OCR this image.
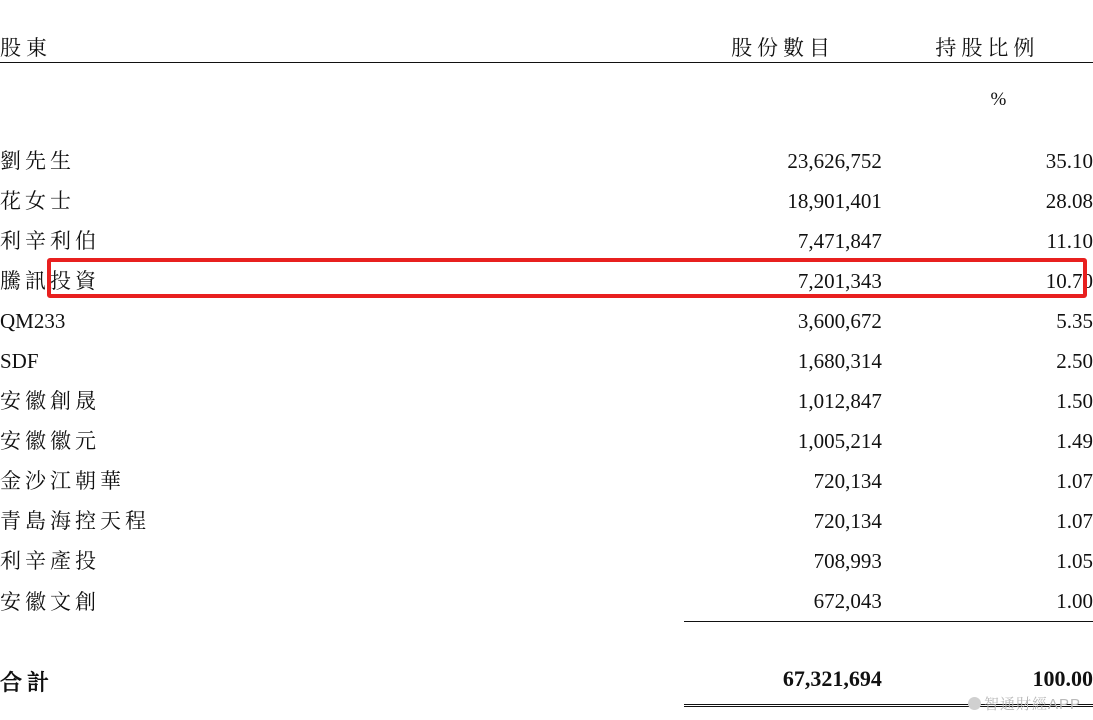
股東	股份數目	持股比例
		%

劉先生	23,626,752	35.10
花女士	18,901,401	28.08
利辛利伯	7,471,847	11.10
騰訊投資	7,201,343	10.70
QM233	3,600,672	5.35
SDF	1,680,314	2.50
安徽創晟	1,012,847	1.50
安徽徽元	1,005,214	1.49
金沙江朝華	720,134	1.07
青島海控天程	720,134	1.07
利辛產投	708,993	1.05
安徽文創	672,043	1.00

合計	67,321,694	100.00
智通財經APP
